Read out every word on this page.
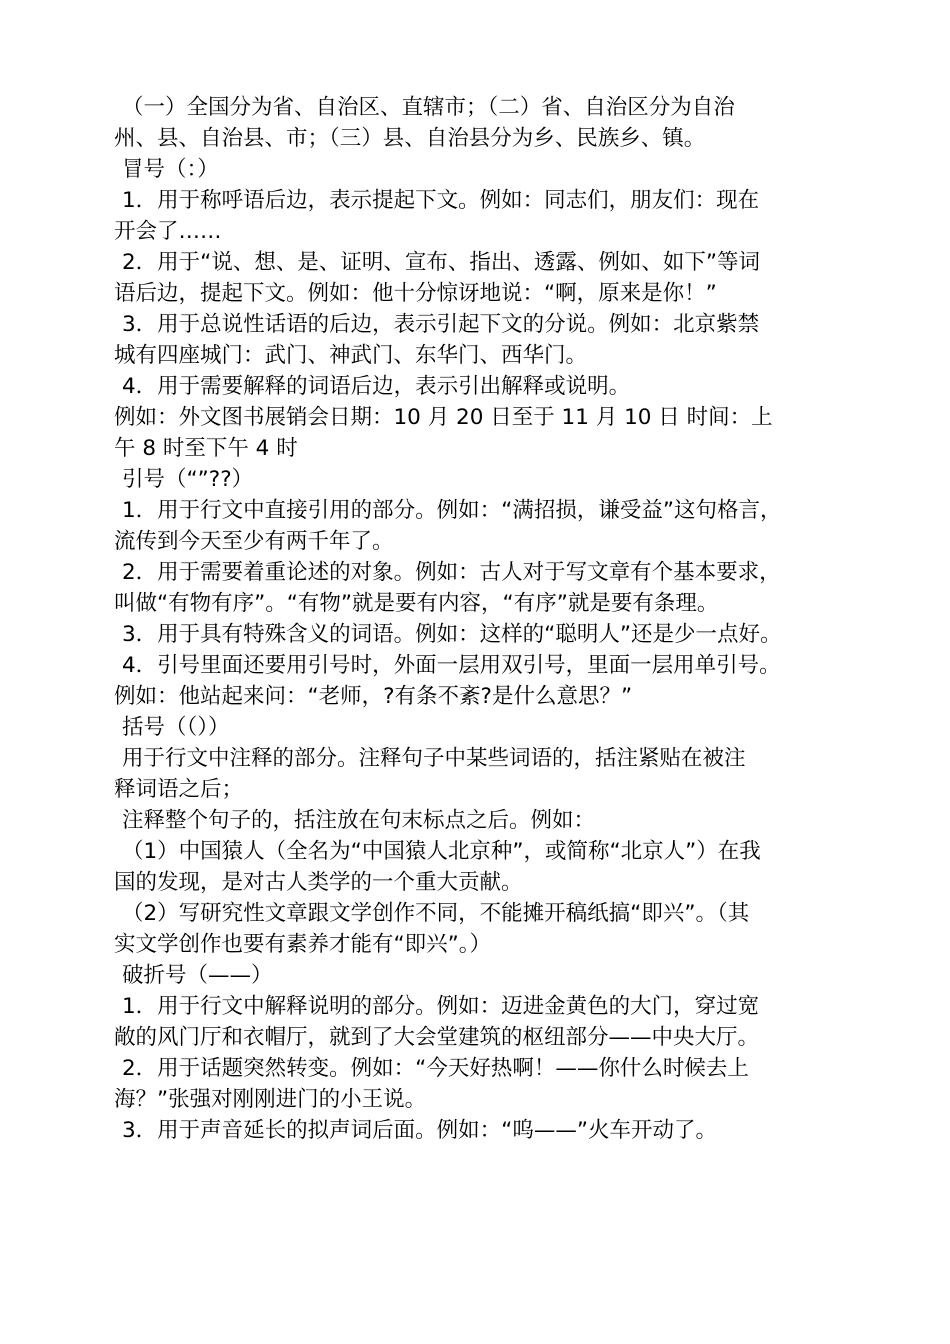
（一）全国分为省、自治区、直辖市；（二）省、自治区分为自治
州、县、自治县、市；（三）县、自治县分为乡、民族乡、镇。
冒号（：）
1．用于称呼语后边，表示提起下文。例如：同志们，朋友们：现在
开会了……
2．用于“说、想、是、证明、宣布、指出、透露、例如、如下”等词
语后边，提起下文。例如：他十分惊讶地说：“啊，原来是你！”
3．用于总说性话语的后边，表示引起下文的分说。例如：北京紫禁
城有四座城门：武门、神武门、东华门、西华门。
4．用于需要解释的词语后边，表示引出解释或说明。
例如：外文图书展销会日期：10 月 20 日至于 11 月 10 日 时间：上
午 8 时至下午 4 时
引号（“”??）
1．用于行文中直接引用的部分。例如：“满招损，谦受益”这句格言，
流传到今天至少有两千年了。
2．用于需要着重论述的对象。例如：古人对于写文章有个基本要求，
叫做“有物有序”。“有物”就是要有内容，“有序”就是要有条理。
3．用于具有特殊含义的词语。例如：这样的“聪明人”还是少一点好。
4．引号里面还要用引号时，外面一层用双引号，里面一层用单引号。
例如：他站起来问：“老师，?有条不紊?是什么意思？”
括号（（））
用于行文中注释的部分。注释句子中某些词语的，括注紧贴在被注
释词语之后；
注释整个句子的，括注放在句末标点之后。例如：
（1）中国猿人（全名为“中国猿人北京种”，或简称“北京人”）在我
国的发现，是对古人类学的一个重大贡献。
（2）写研究性文章跟文学创作不同，不能摊开稿纸搞“即兴”。（其
实文学创作也要有素养才能有“即兴”。）
破折号（——）
1．用于行文中解释说明的部分。例如：迈进金黄色的大门，穿过宽
敞的风门厅和衣帽厅，就到了大会堂建筑的枢纽部分——中央大厅。
2．用于话题突然转变。例如：“今天好热啊！——你什么时候去上
海？”张强对刚刚进门的小王说。
3．用于声音延长的拟声词后面。例如：“呜——”火车开动了。
